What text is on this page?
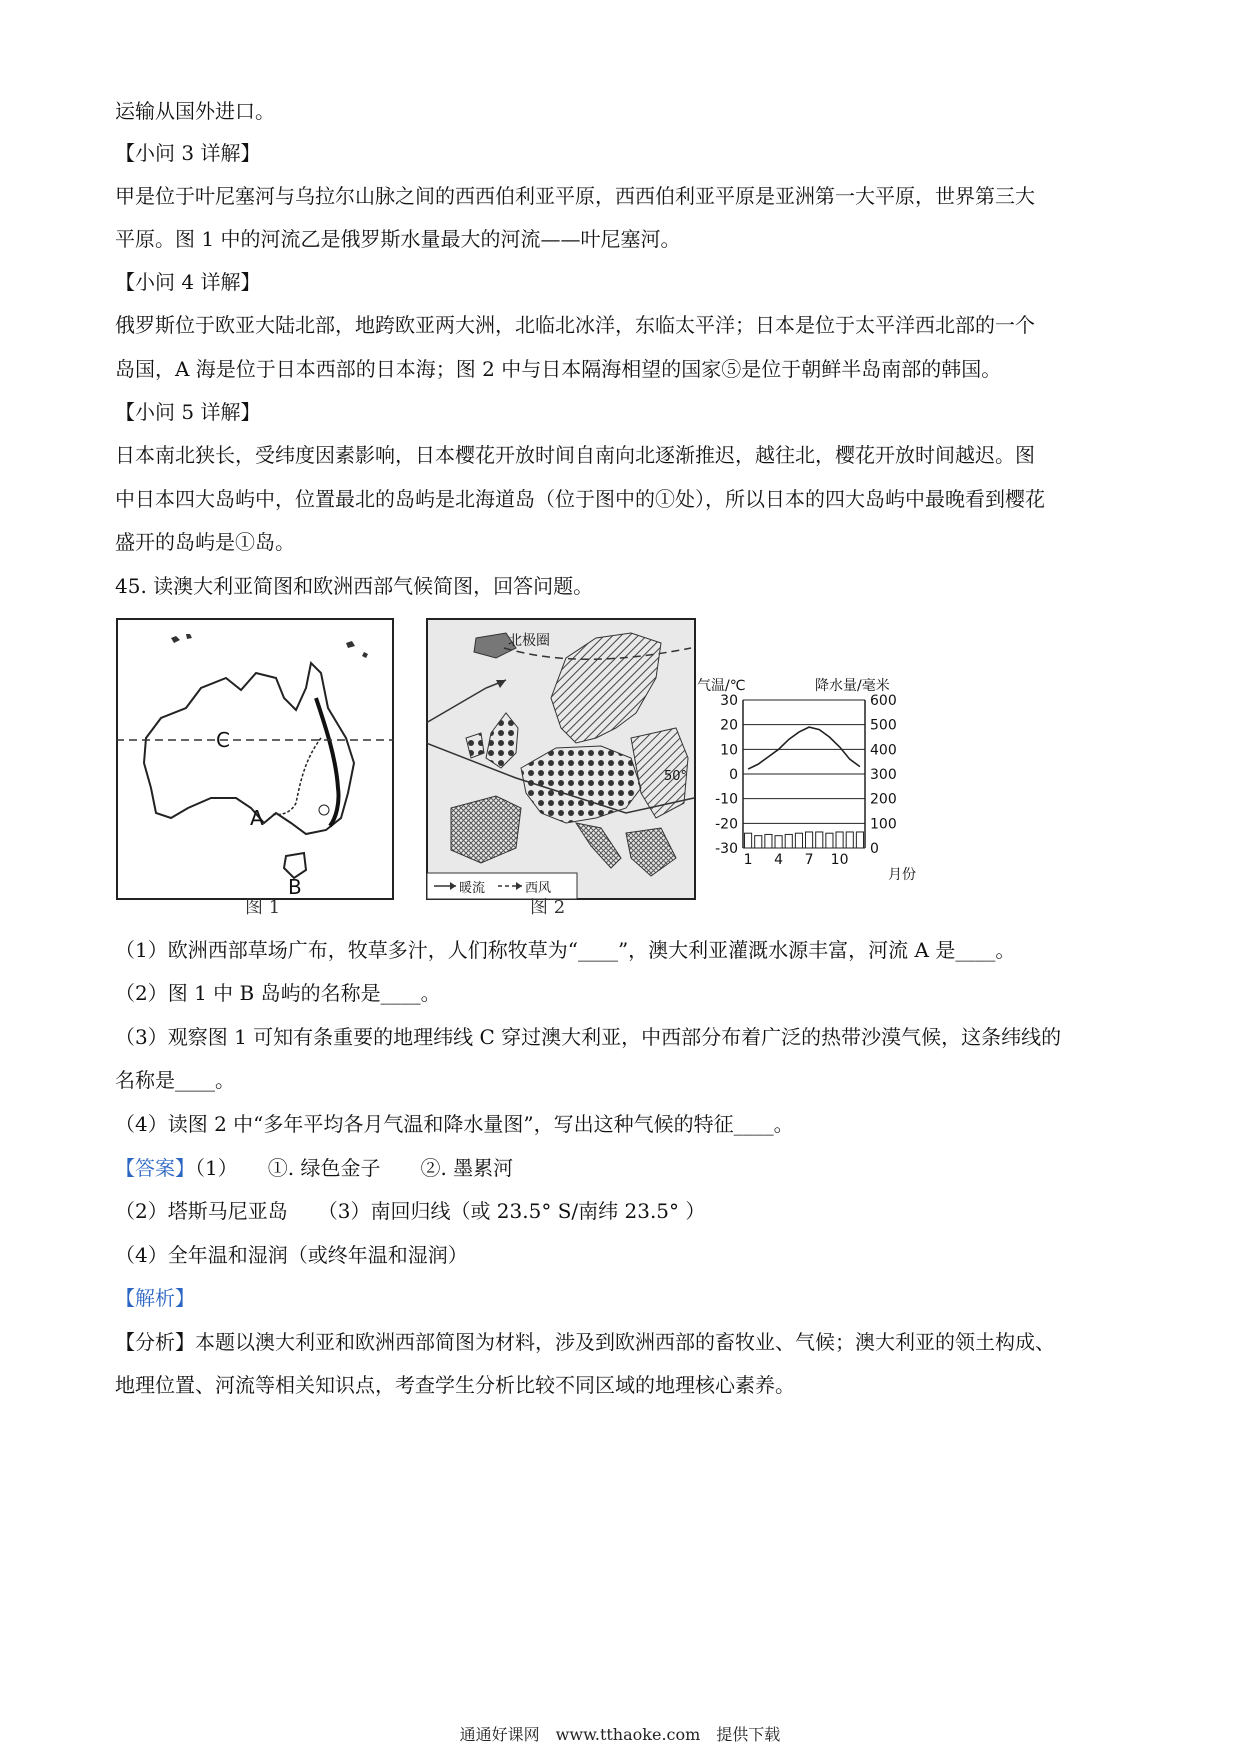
运输从国外进口。
【小问 3 详解】
甲是位于叶尼塞河与乌拉尔山脉之间的西西伯利亚平原，西西伯利亚平原是亚洲第一大平原，世界第三大
平原。图 1 中的河流乙是俄罗斯水量最大的河流——叶尼塞河。
【小问 4 详解】
俄罗斯位于欧亚大陆北部，地跨欧亚两大洲，北临北冰洋，东临太平洋；日本是位于太平洋西北部的一个
岛国，A 海是位于日本西部的日本海；图 2 中与日本隔海相望的国家⑤是位于朝鲜半岛南部的韩国。
【小问 5 详解】
日本南北狭长，受纬度因素影响，日本樱花开放时间自南向北逐渐推迟，越往北，樱花开放时间越迟。图
中日本四大岛屿中，位置最北的岛屿是北海道岛（位于图中的①处），所以日本的四大岛屿中最晚看到樱花
盛开的岛屿是①岛。
45. 读澳大利亚简图和欧洲西部气候简图，回答问题。
C
A
B
图 1
北极圈
50°
暖流	西风
图 2
气温/℃	降水量/毫米
月份
30	600
20	500
10	400
0	300
-10	200
-20	100
-30	0
1 4 7 10
（1）欧洲西部草场广布，牧草多汁，人们称牧草为“____”，澳大利亚灌溉水源丰富，河流 A 是____。
（2）图 1 中 B 岛屿的名称是____。
（3）观察图 1 可知有条重要的地理纬线 C 穿过澳大利亚，中西部分布着广泛的热带沙漠气候，这条纬线的
名称是____。
（4）读图 2 中“多年平均各月气温和降水量图”，写出这种气候的特征____。
【答案】（1）　　①. 绿色金子　　②. 墨累河
（2）塔斯马尼亚岛　　（3）南回归线（或 23.5° S/南纬 23.5° ）
（4）全年温和湿润（或终年温和湿润）
【解析】
【分析】本题以澳大利亚和欧洲西部简图为材料，涉及到欧洲西部的畜牧业、气候；澳大利亚的领土构成、
地理位置、河流等相关知识点，考查学生分析比较不同区域的地理核心素养。
通通好课网　www.tthaoke.com　提供下载
